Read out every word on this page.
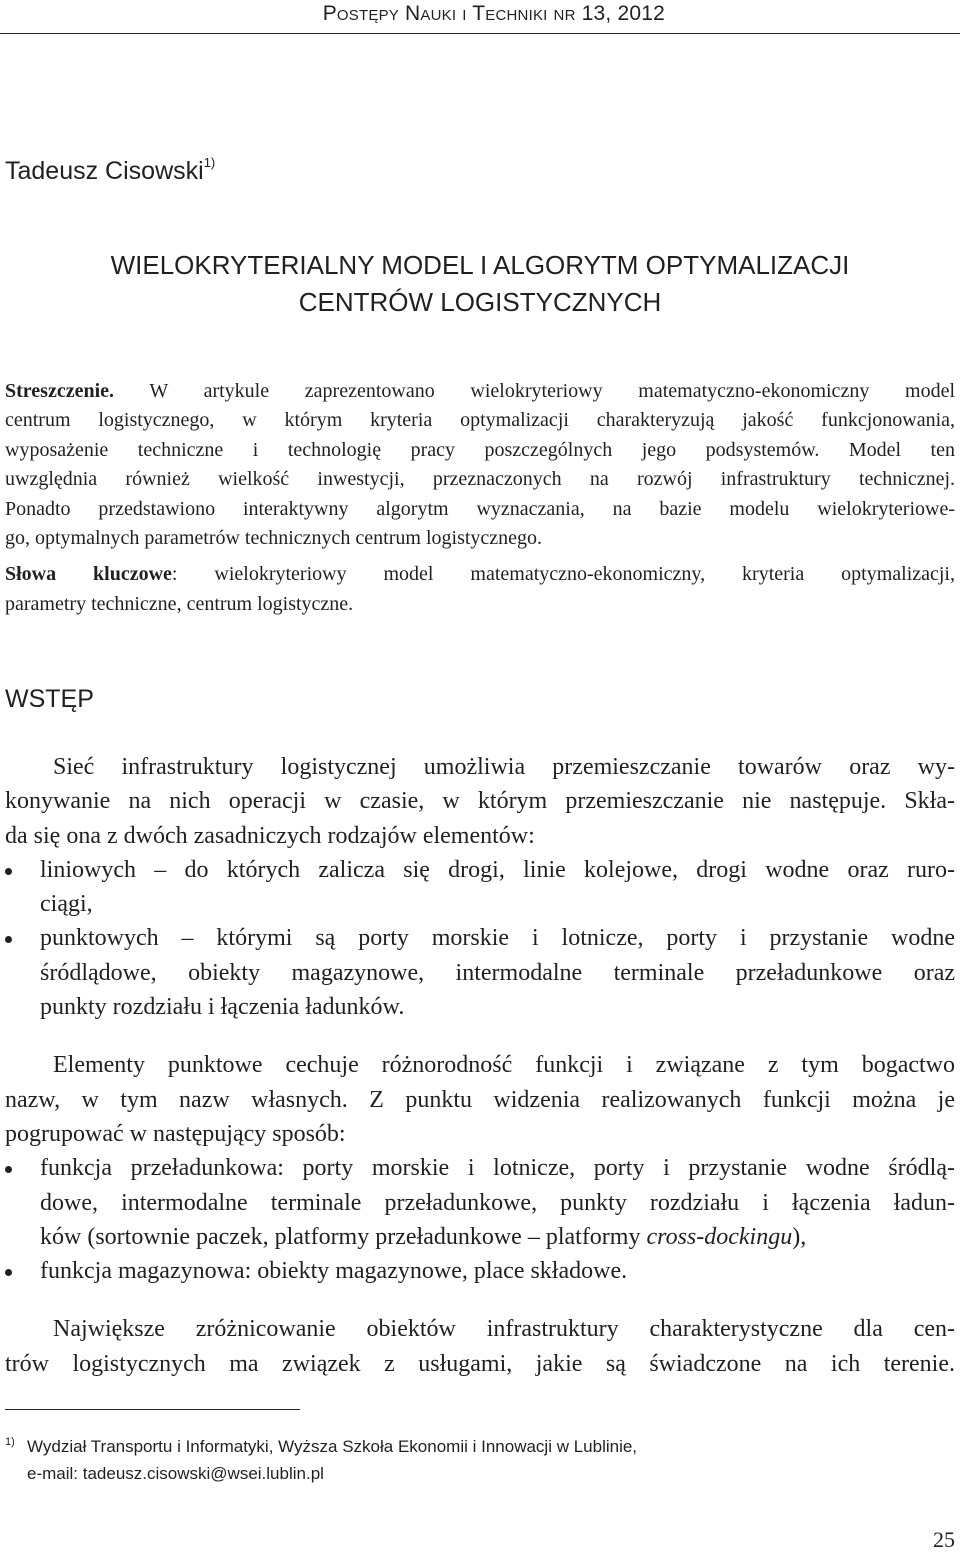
Postępy Nauki i Techniki nr 13, 2012
Tadeusz Cisowski$^{1)}$
WIELOKRYTERIALNY MODEL I ALGORYTM OPTYMALIZACJI
CENTRÓW LOGISTYCZNYCH

Streszczenie. W artykule zaprezentowano wielokryteriowy matematyczno-ekonomiczny model
centrum logistycznego, w którym kryteria optymalizacji charakteryzują jakość funkcjonowania,
wyposażenie techniczne i technologię pracy poszczególnych jego podsystemów. Model ten
uwzględnia również wielkość inwestycji, przeznaczonych na rozwój infrastruktury technicznej.
Ponadto przedstawiono interaktywny algorytm wyznaczania, na bazie modelu wielokryteriowe-
go, optymalnych parametrów technicznych centrum logistycznego.

Słowa kluczowe: wielokryteriowy model matematyczno-ekonomiczny, kryteria optymalizacji,
parametry techniczne, centrum logistyczne.

WSTĘP

Sieć infrastruktury logistycznej umożliwia przemieszczanie towarów oraz wy-
konywanie na nich operacji w czasie, w którym przemieszczanie nie następuje. Skła-
da się ona z dwóch zasadniczych rodzajów elementów:

liniowych – do których zalicza się drogi, linie kolejowe, drogi wodne oraz ruro-
ciągi,
punktowych – którymi są porty morskie i lotnicze, porty i przystanie wodne
śródlądowe, obiekty magazynowe, intermodalne terminale przeładunkowe oraz
punkty rozdziału i łączenia ładunków.

Elementy punktowe cechuje różnorodność funkcji i związane z tym bogactwo
nazw, w tym nazw własnych. Z punktu widzenia realizowanych funkcji można je
pogrupować w następujący sposób:

funkcja przeładunkowa: porty morskie i lotnicze, porty i przystanie wodne śródlą-
dowe, intermodalne terminale przeładunkowe, punkty rozdziału i łączenia ładun-
ków (sortownie paczek, platformy przeładunkowe – platformy cross-dockingu),
funkcja magazynowa: obiekty magazynowe, place składowe.

Największe zróżnicowanie obiektów infrastruktury charakterystyczne dla cen-
trów logistycznych ma związek z usługami, jakie są świadczone na ich terenie.

1) Wydział Transportu i Informatyki, Wyższa Szkoła Ekonomii i Innowacji w Lublinie,
e-mail: tadeusz.cisowski@wsei.lublin.pl
25
